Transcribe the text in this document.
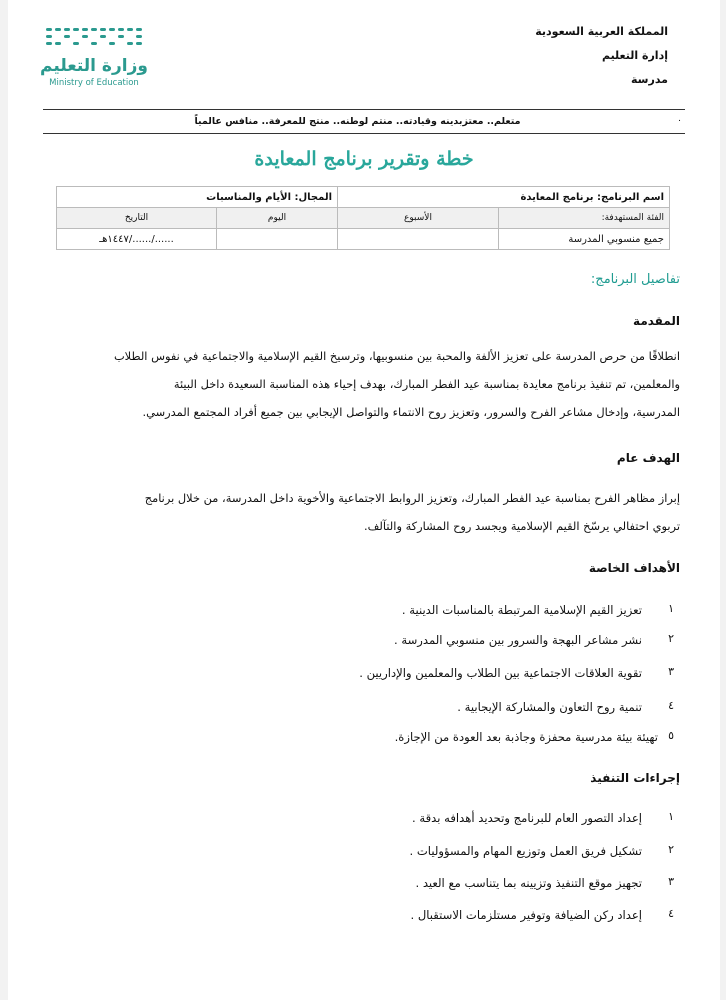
المملكة العربية السعودية
إدارة التعليم
مدرسة
وزارة التعليم
Ministry of Education
٠
متعلم.. معتزبدينه وقيادته.. منتم لوطنه.. منتج للمعرفة.. منافس عالمياً
خطة وتقرير برنامج المعايدة
اسم البرنامج: برنامج المعايدة		المجال: الأيام والمناسبات	
الفئة المستهدفة:	الأسبوع	اليوم	التاريخ
جميع منسوبي المدرسة			....../....../١٤٤٧هـ
تفاصيل البرنامج:
المقدمة
انطلاقًا من حرص المدرسة على تعزيز الألفة والمحبة بين منسوبيها، وترسيخ القيم الإسلامية والاجتماعية في نفوس الطلاب
والمعلمين، تم تنفيذ برنامج معايدة بمناسبة عيد الفطر المبارك، بهدف إحياء هذه المناسبة السعيدة داخل البيئة
المدرسية، وإدخال مشاعر الفرح والسرور، وتعزيز روح الانتماء والتواصل الإيجابي بين جميع أفراد المجتمع المدرسي.
الهدف عام
إبراز مظاهر الفرح بمناسبة عيد الفطر المبارك، وتعزيز الروابط الاجتماعية والأخوية داخل المدرسة، من خلال برنامج
تربوي احتفالي يرسّخ القيم الإسلامية ويجسد روح المشاركة والتآلف.
الأهداف الخاصة
١
تعزيز القيم الإسلامية المرتبطة بالمناسبات الدينية .
٢
نشر مشاعر البهجة والسرور بين منسوبي المدرسة .
٣
تقوية العلاقات الاجتماعية بين الطلاب والمعلمين والإداريين .
٤
تنمية روح التعاون والمشاركة الإيجابية .
٥
تهيئة بيئة مدرسية محفزة وجاذبة بعد العودة من الإجازة.
إجراءات التنفيذ
١
إعداد التصور العام للبرنامج وتحديد أهدافه بدقة .
٢
تشكيل فريق العمل وتوزيع المهام والمسؤوليات .
٣
تجهيز موقع التنفيذ وتزيينه بما يتناسب مع العيد .
٤
إعداد ركن الضيافة وتوفير مستلزمات الاستقبال .
